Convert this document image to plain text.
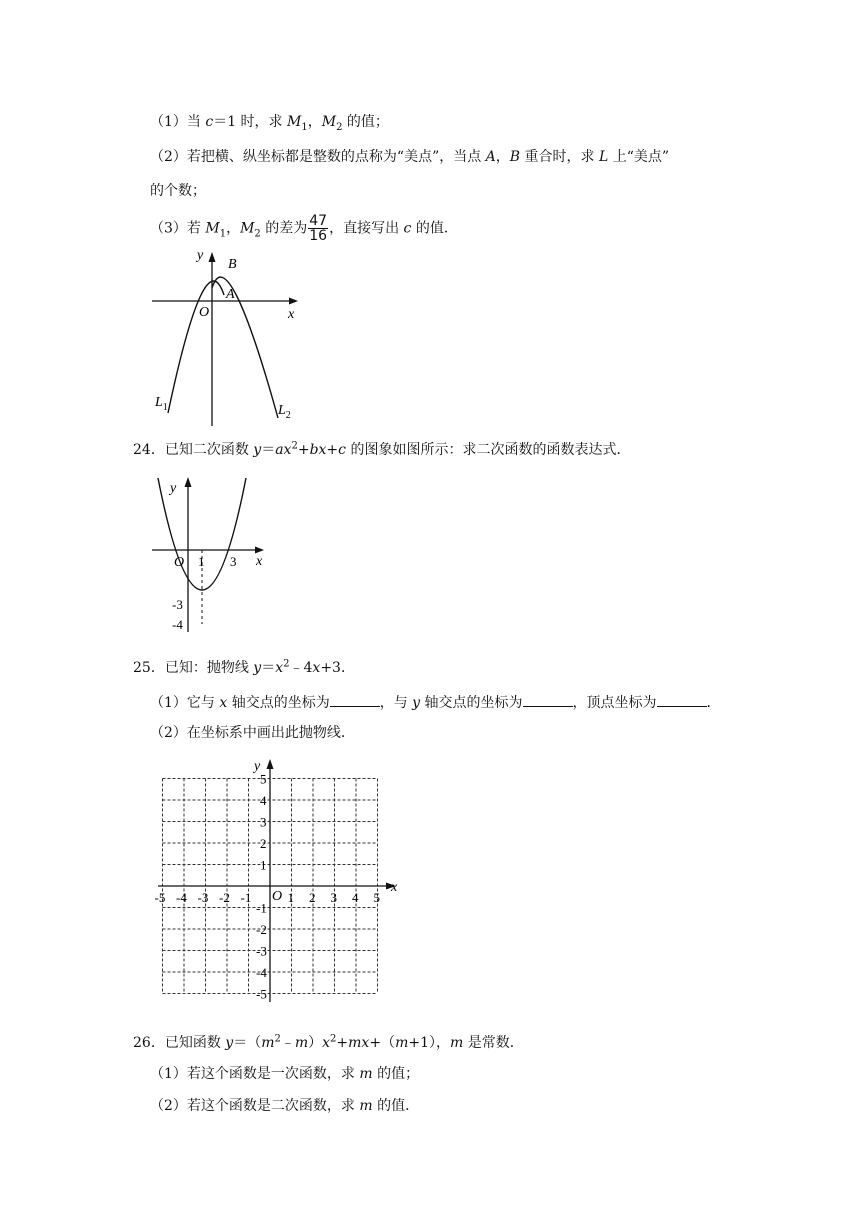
（1）当 c＝1 时，求 $M_1$，$M_2$ 的值；
（2）若把横、纵坐标都是整数的点称为“美点”，当点 A，B 重合时，求 L 上“美点”
的个数；
（3）若 $M_1$，$M_2$ 的差为 $\frac{47}{16}$ ，直接写出 c 的值．
y
x
O
A
B
$L_1$	$L_2$
24．已知二次函数 $y=ax^2+bx+c$ 的图象如图所示：求二次函数的函数表达式．
y
x
O 1 3
-3
-4
25．已知：抛物线 $y=x^2﹣4x+3$．
（1）它与 x 轴交点的坐标为	，与 y 轴交点的坐标为	，顶点坐标为	．
（2）在坐标系中画出此抛物线．
y
x
O
-5 -4 -3 -2 -1	1 2 3 4 5
5
4
3
2
1
-1
-2
-3
-4
-5
26．已知函数 $y=(m^2﹣m)x^2+mx+(m+1)$，m 是常数．
（1）若这个函数是一次函数，求 m 的值；
（2）若这个函数是二次函数，求 m 的值．
